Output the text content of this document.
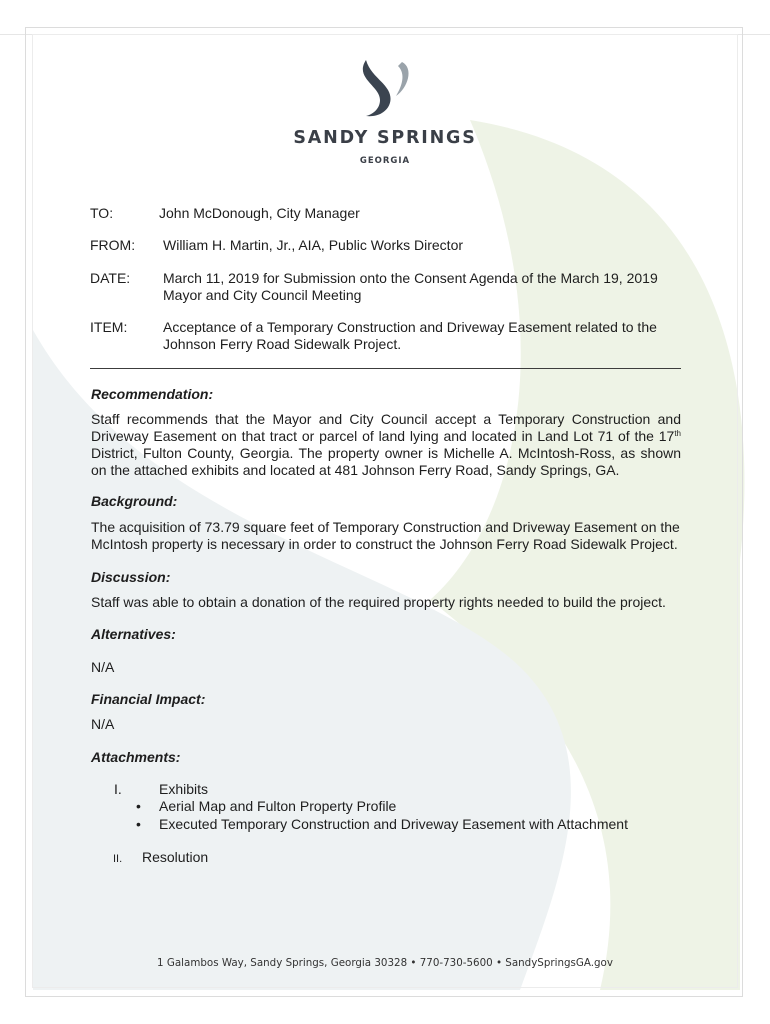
SANDY SPRINGS
GEORGIA
TO:	John McDonough, City Manager
FROM: William H. Martin, Jr., AIA, Public Works Director
DATE: March 11, 2019 for Submission onto the Consent Agenda of the March 19, 2019
Mayor and City Council Meeting
ITEM:	Acceptance of a Temporary Construction and Driveway Easement related to the
Johnson Ferry Road Sidewalk Project.
Recommendation:
Staff recommends that the Mayor and City Council accept a Temporary Construction and Driveway Easement on that tract or parcel of land lying and located in Land Lot 71 of the 17th District, Fulton County, Georgia. The property owner is Michelle A. McIntosh-Ross, as shown on the attached exhibits and located at 481 Johnson Ferry Road, Sandy Springs, GA.
Background:
The acquisition of 73.79 square feet of Temporary Construction and Driveway Easement on the McIntosh property is necessary in order to construct the Johnson Ferry Road Sidewalk Project.
Discussion:
Staff was able to obtain a donation of the required property rights needed to build the project.
Alternatives:
N/A
Financial Impact:
N/A
Attachments:
I.	Exhibits
• Aerial Map and Fulton Property Profile
• Executed Temporary Construction and Driveway Easement with Attachment
II. Resolution
1 Galambos Way, Sandy Springs, Georgia 30328 • 770-730-5600 • SandySpringsGA.gov
